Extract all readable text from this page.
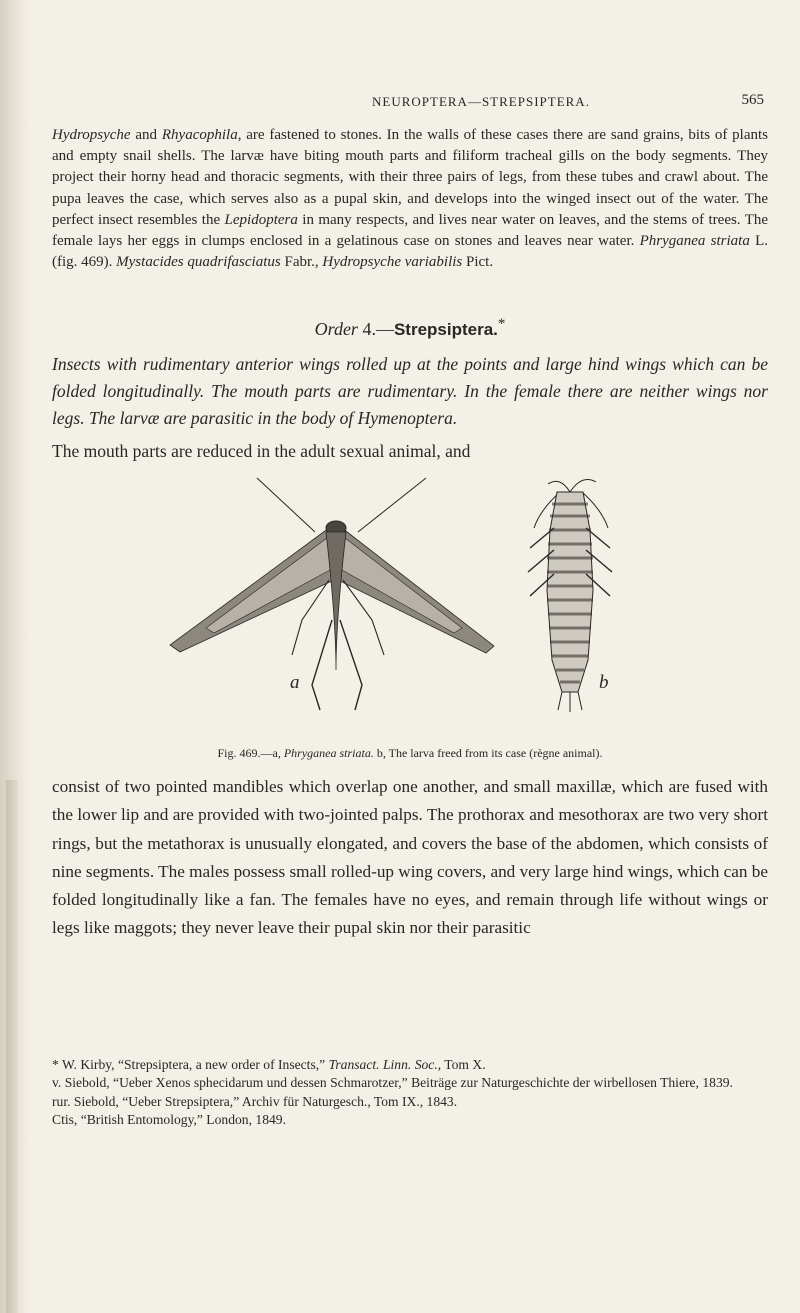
NEUROPTERA—STREPSIPTERA.	565

Hydropsyche and Rhyacophila, are fastened to stones. In the walls of these cases there are sand grains, bits of plants and empty snail shells. The larvæ have biting mouth parts and filiform tracheal gills on the body segments. They project their horny head and thoracic segments, with their three pairs of legs, from these tubes and crawl about. The pupa leaves the case, which serves also as a pupal skin, and develops into the winged insect out of the water. The perfect insect resembles the Lepidoptera in many respects, and lives near water on leaves, and the stems of trees. The female lays her eggs in clumps enclosed in a gelatinous case on stones and leaves near water. Phryganea striata L. (fig. 469). Mystacides quadrifasciatus Fabr., Hydropsyche variabilis Pict.

Order 4.—Strepsiptera.*

Insects with rudimentary anterior wings rolled up at the points and large hind wings which can be folded longitudinally. The mouth parts are rudimentary. In the female there are neither wings nor legs. The larvæ are parasitic in the body of Hymenoptera.

The mouth parts are reduced in the adult sexual animal, and

a	b
Fig. 469.—a, Phryganea striata. b, The larva freed from its case (règne animal).

consist of two pointed mandibles which overlap one another, and small maxillæ, which are fused with the lower lip and are provided with two-jointed palps. The prothorax and mesothorax are two very short rings, but the metathorax is unusually elongated, and covers the base of the abdomen, which consists of nine segments. The males possess small rolled-up wing covers, and very large hind wings, which can be folded longitudinally like a fan. The females have no eyes, and remain through life without wings or legs like maggots; they never leave their pupal skin nor their parasitic

* W. Kirby, “Strepsiptera, a new order of Insects,” Transact. Linn. Soc., Tom X.

v. Siebold, “Ueber Xenos sphecidarum und dessen Schmarotzer,” Beiträge zur Naturgeschichte der wirbellosen Thiere, 1839.

rur. Siebold, “Ueber Strepsiptera,” Archiv für Naturgesch., Tom IX., 1843.

Ctis, “British Entomology,” London, 1849.
